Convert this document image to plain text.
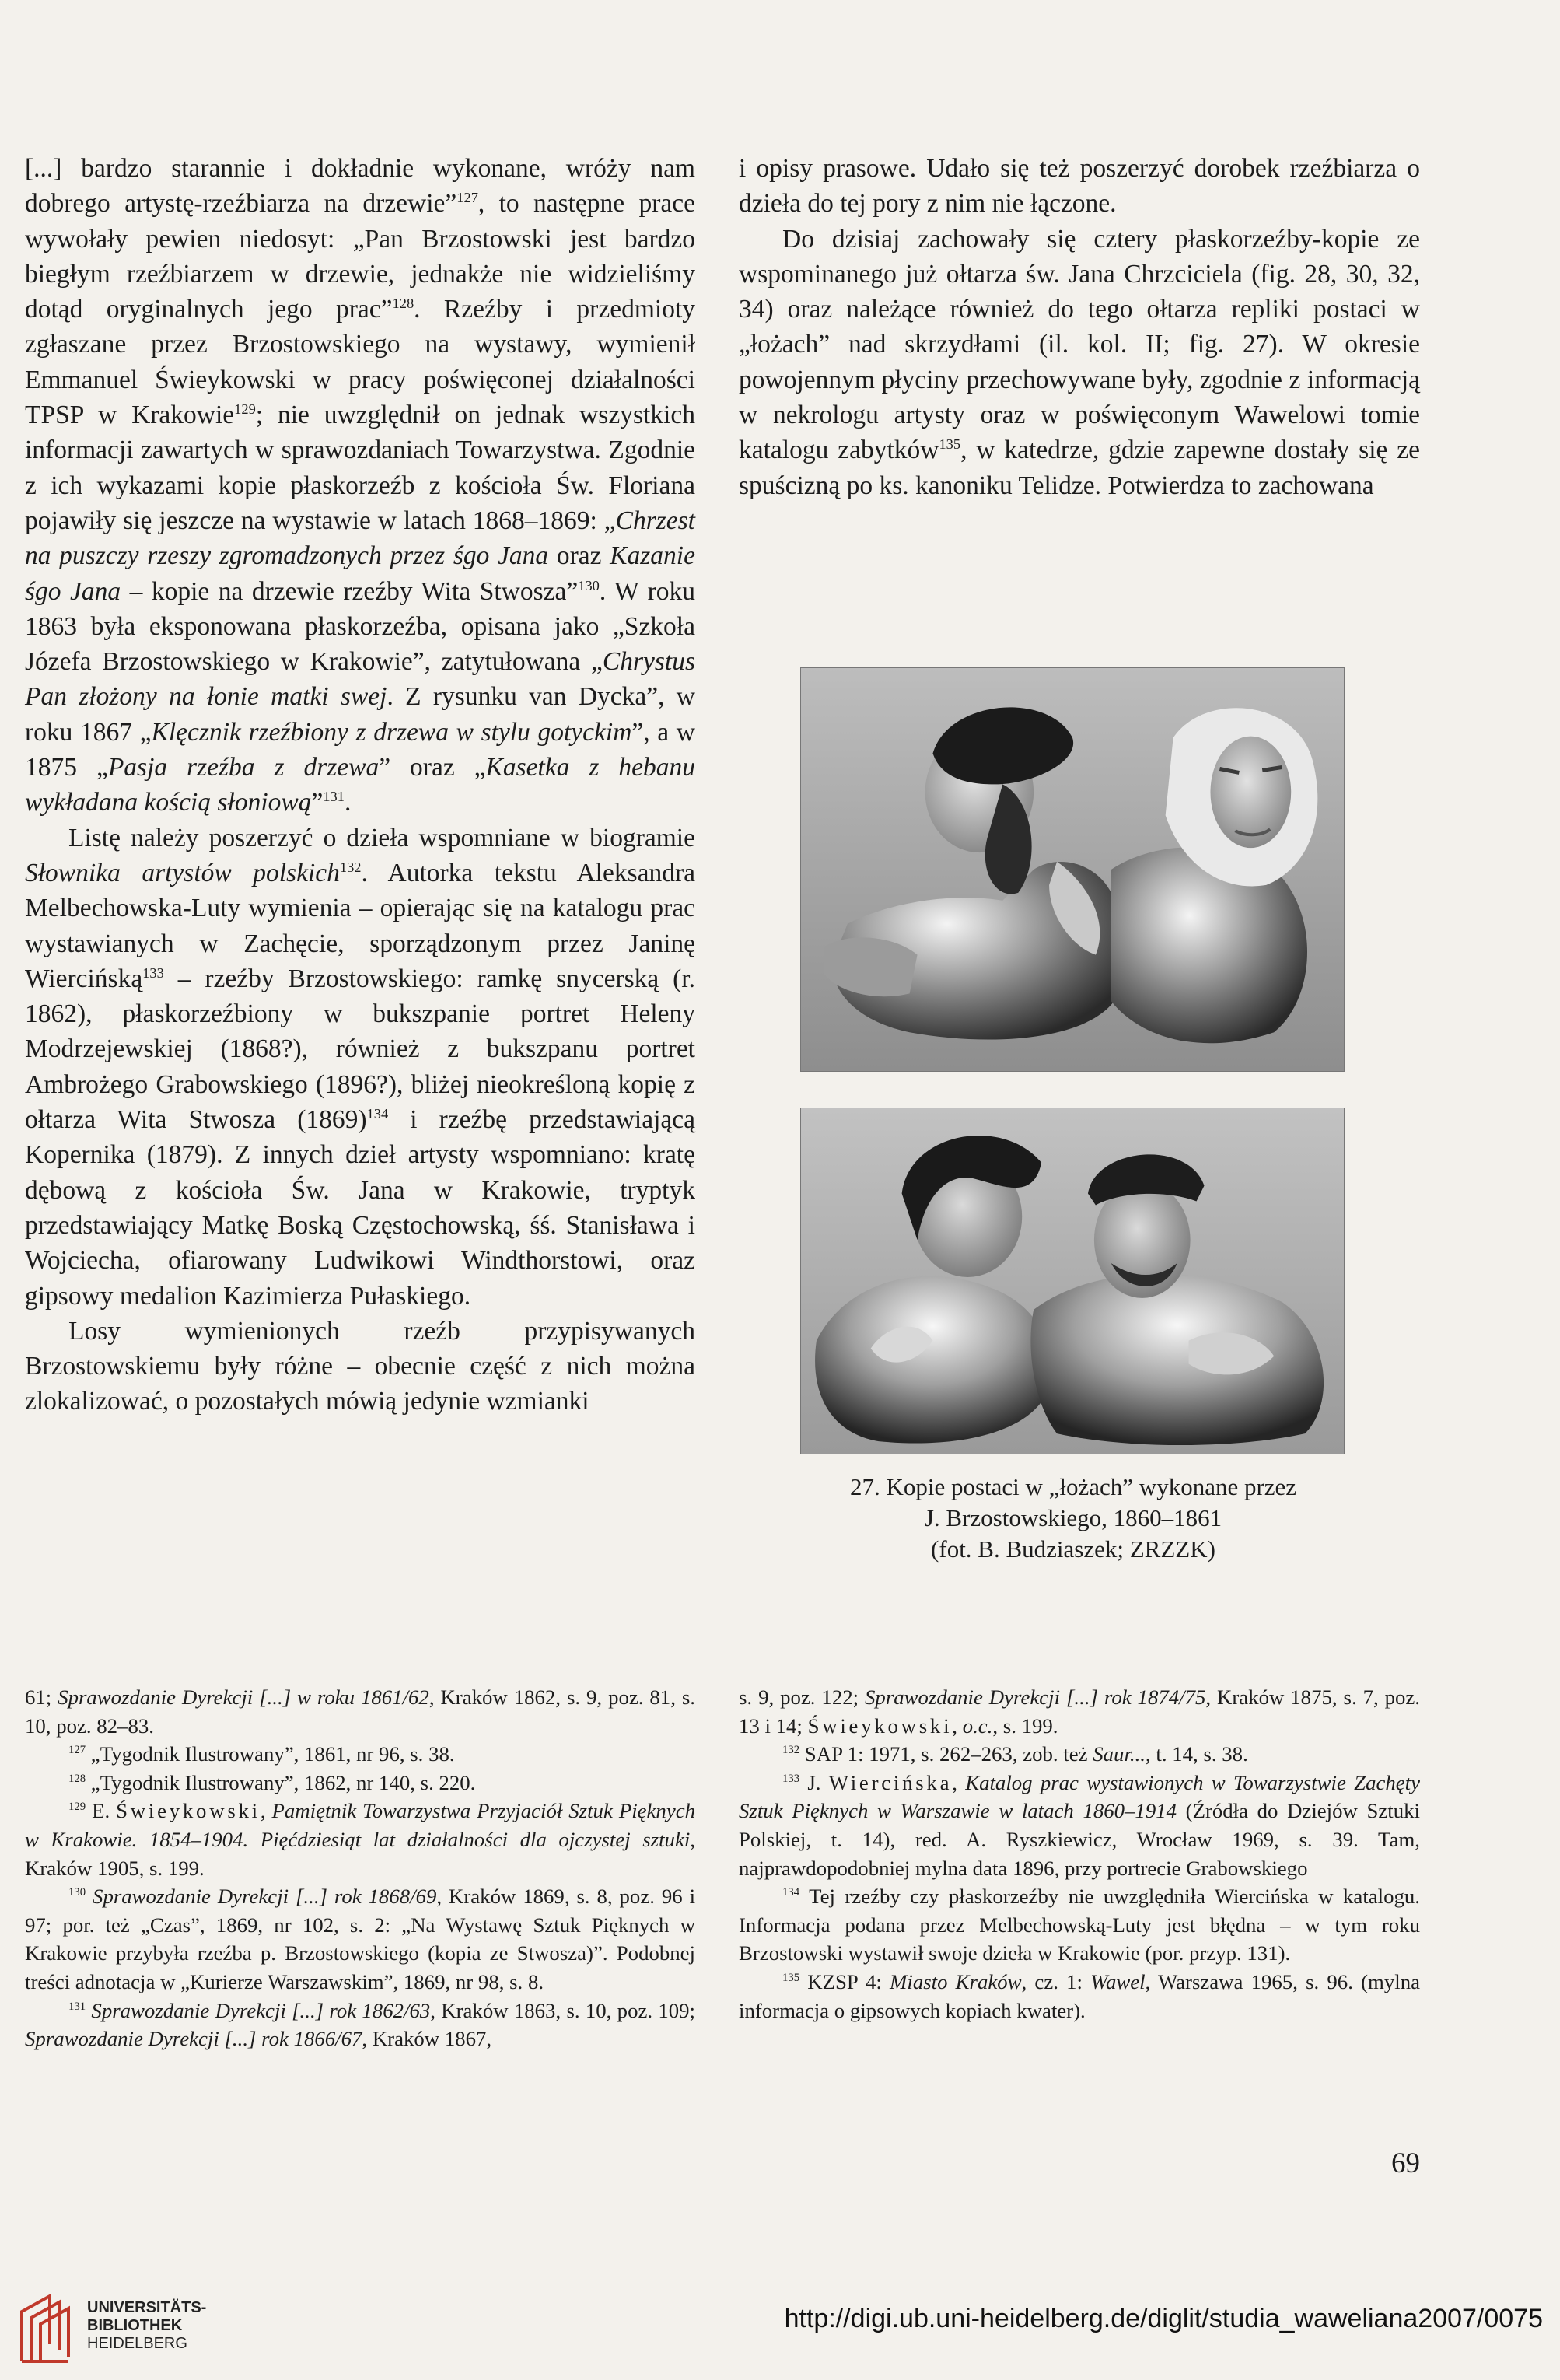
[...] bardzo starannie i dokładnie wykonane, wróży nam dobrego artystę-rzeźbiarza na drzewie”$^{127}$, to następne prace wywołały pewien niedosyt: „Pan Brzostowski jest bardzo biegłym rzeźbiarzem w drzewie, jednakże nie widzieliśmy dotąd oryginalnych jego prac”$^{128}$. Rzeźby i przedmioty zgłaszane przez Brzostowskiego na wystawy, wymienił Emmanuel Świeykowski w pracy poświęconej działalności TPSP w Krakowie$^{129}$; nie uwzględnił on jednak wszystkich informacji zawartych w sprawozdaniach Towarzystwa. Zgodnie z ich wykazami kopie płaskorzeźb z kościoła Św. Floriana pojawiły się jeszcze na wystawie w latach 1868–1869: „Chrzest na puszczy rzeszy zgromadzonych przez śgo Jana oraz Kazanie śgo Jana – kopie na drzewie rzeźby Wita Stwosza”$^{130}$. W roku 1863 była eksponowana płaskorzeźba, opisana jako „Szkoła Józefa Brzostowskiego w Krakowie”, zatytułowana „Chrystus Pan złożony na łonie matki swej. Z rysunku van Dycka”, w roku 1867 „Klęcznik rzeźbiony z drzewa w stylu gotyckim”, a w 1875 „Pasja rzeźba z drzewa” oraz „Kasetka z hebanu wykładana kością słoniową”$^{131}$.

Listę należy poszerzyć o dzieła wspomniane w biogramie Słownika artystów polskich$^{132}$. Autorka tekstu Aleksandra Melbechowska-Luty wymienia – opierając się na katalogu prac wystawianych w Zachęcie, sporządzonym przez Janinę Wiercińską$^{133}$ – rzeźby Brzostowskiego: ramkę snycerską (r. 1862), płaskorzeźbiony w bukszpanie portret Heleny Modrzejewskiej (1868?), również z bukszpanu portret Ambrożego Grabowskiego (1896?), bliżej nieokreśloną kopię z ołtarza Wita Stwosza $(1869)^{134}$ i rzeźbę przedstawiającą Kopernika (1879). Z innych dzieł artysty wspomniano: kratę dębową z kościoła Św. Jana w Krakowie, tryptyk przedstawiający Matkę Boską Częstochowską, śś. Stanisława i Wojciecha, ofiarowany Ludwikowi Windthorstowi, oraz gipsowy medalion Kazimierza Pułaskiego.

Losy wymienionych rzeźb przypisywanych Brzostowskiemu były różne – obecnie część z nich można zlokalizować, o pozostałych mówią jedynie wzmianki

i opisy prasowe. Udało się też poszerzyć dorobek rzeźbiarza o dzieła do tej pory z nim nie łączone.

Do dzisiaj zachowały się cztery płaskorzeźby-kopie ze wspominanego już ołtarza św. Jana Chrzciciela (fig. 28, 30, 32, 34) oraz należące również do tego ołtarza repliki postaci w „łożach” nad skrzydłami (il. kol. II; fig. 27). W okresie powojennym płyciny przechowywane były, zgodnie z informacją w nekrologu artysty oraz w poświęconym Wawelowi tomie katalogu zabytków$^{135}$, w katedrze, gdzie zapewne dostały się ze spuścizną po ks. kanoniku Telidze. Potwierdza to zachowana

27. Kopie postaci w „łożach” wykonane przez
J. Brzostowskiego, 1860–1861
(fot. B. Budziaszek; ZRZZK)

61; Sprawozdanie Dyrekcji [...] w roku 1861/62, Kraków 1862, s. 9, poz. 81, s. 10, poz. 82–83.

$^{127}$ „Tygodnik Ilustrowany”, 1861, nr 96, s. 38.

$^{128}$ „Tygodnik Ilustrowany”, 1862, nr 140, s. 220.

$^{129}$ E. Świeykowski, Pamiętnik Towarzystwa Przyjaciół Sztuk Pięknych w Krakowie. 1854–1904. Pięćdziesiąt lat działalności dla ojczystej sztuki, Kraków 1905, s. 199.

$^{130}$ Sprawozdanie Dyrekcji [...] rok 1868/69, Kraków 1869, s. 8, poz. 96 i 97; por. też „Czas”, 1869, nr 102, s. 2: „Na Wystawę Sztuk Pięknych w Krakowie przybyła rzeźba p. Brzostowskiego (kopia ze Stwosza)”. Podobnej treści adnotacja w „Kurierze Warszawskim”, 1869, nr 98, s. 8.

$^{131}$ Sprawozdanie Dyrekcji [...] rok 1862/63, Kraków 1863, s. 10, poz. 109; Sprawozdanie Dyrekcji [...] rok 1866/67, Kraków 1867,

s. 9, poz. 122; Sprawozdanie Dyrekcji [...] rok 1874/75, Kraków 1875, s. 7, poz. 13 i 14; Świeykowski, o.c., s. 199.

$^{132}$ SAP 1: 1971, s. 262–263, zob. też Saur..., t. 14, s. 38.

$^{133}$ J. Wiercińska, Katalog prac wystawionych w Towarzystwie Zachęty Sztuk Pięknych w Warszawie w latach 1860–1914 (Źródła do Dziejów Sztuki Polskiej, t. 14), red. A. Ryszkiewicz, Wrocław 1969, s. 39. Tam, najprawdopodobniej mylna data 1896, przy portrecie Grabowskiego

$^{134}$ Tej rzeźby czy płaskorzeźby nie uwzględniła Wiercińska w katalogu. Informacja podana przez Melbechowską-Luty jest błędna – w tym roku Brzostowski wystawił swoje dzieła w Krakowie (por. przyp. 131).

$^{135}$ KZSP 4: Miasto Kraków, cz. 1: Wawel, Warszawa 1965, s. 96. (mylna informacja o gipsowych kopiach kwater).

69
UNIVERSITÄTS-
BIBLIOTHEK
HEIDELBERG
http://digi.ub.uni-heidelberg.de/diglit/studia_waweliana2007/0075
